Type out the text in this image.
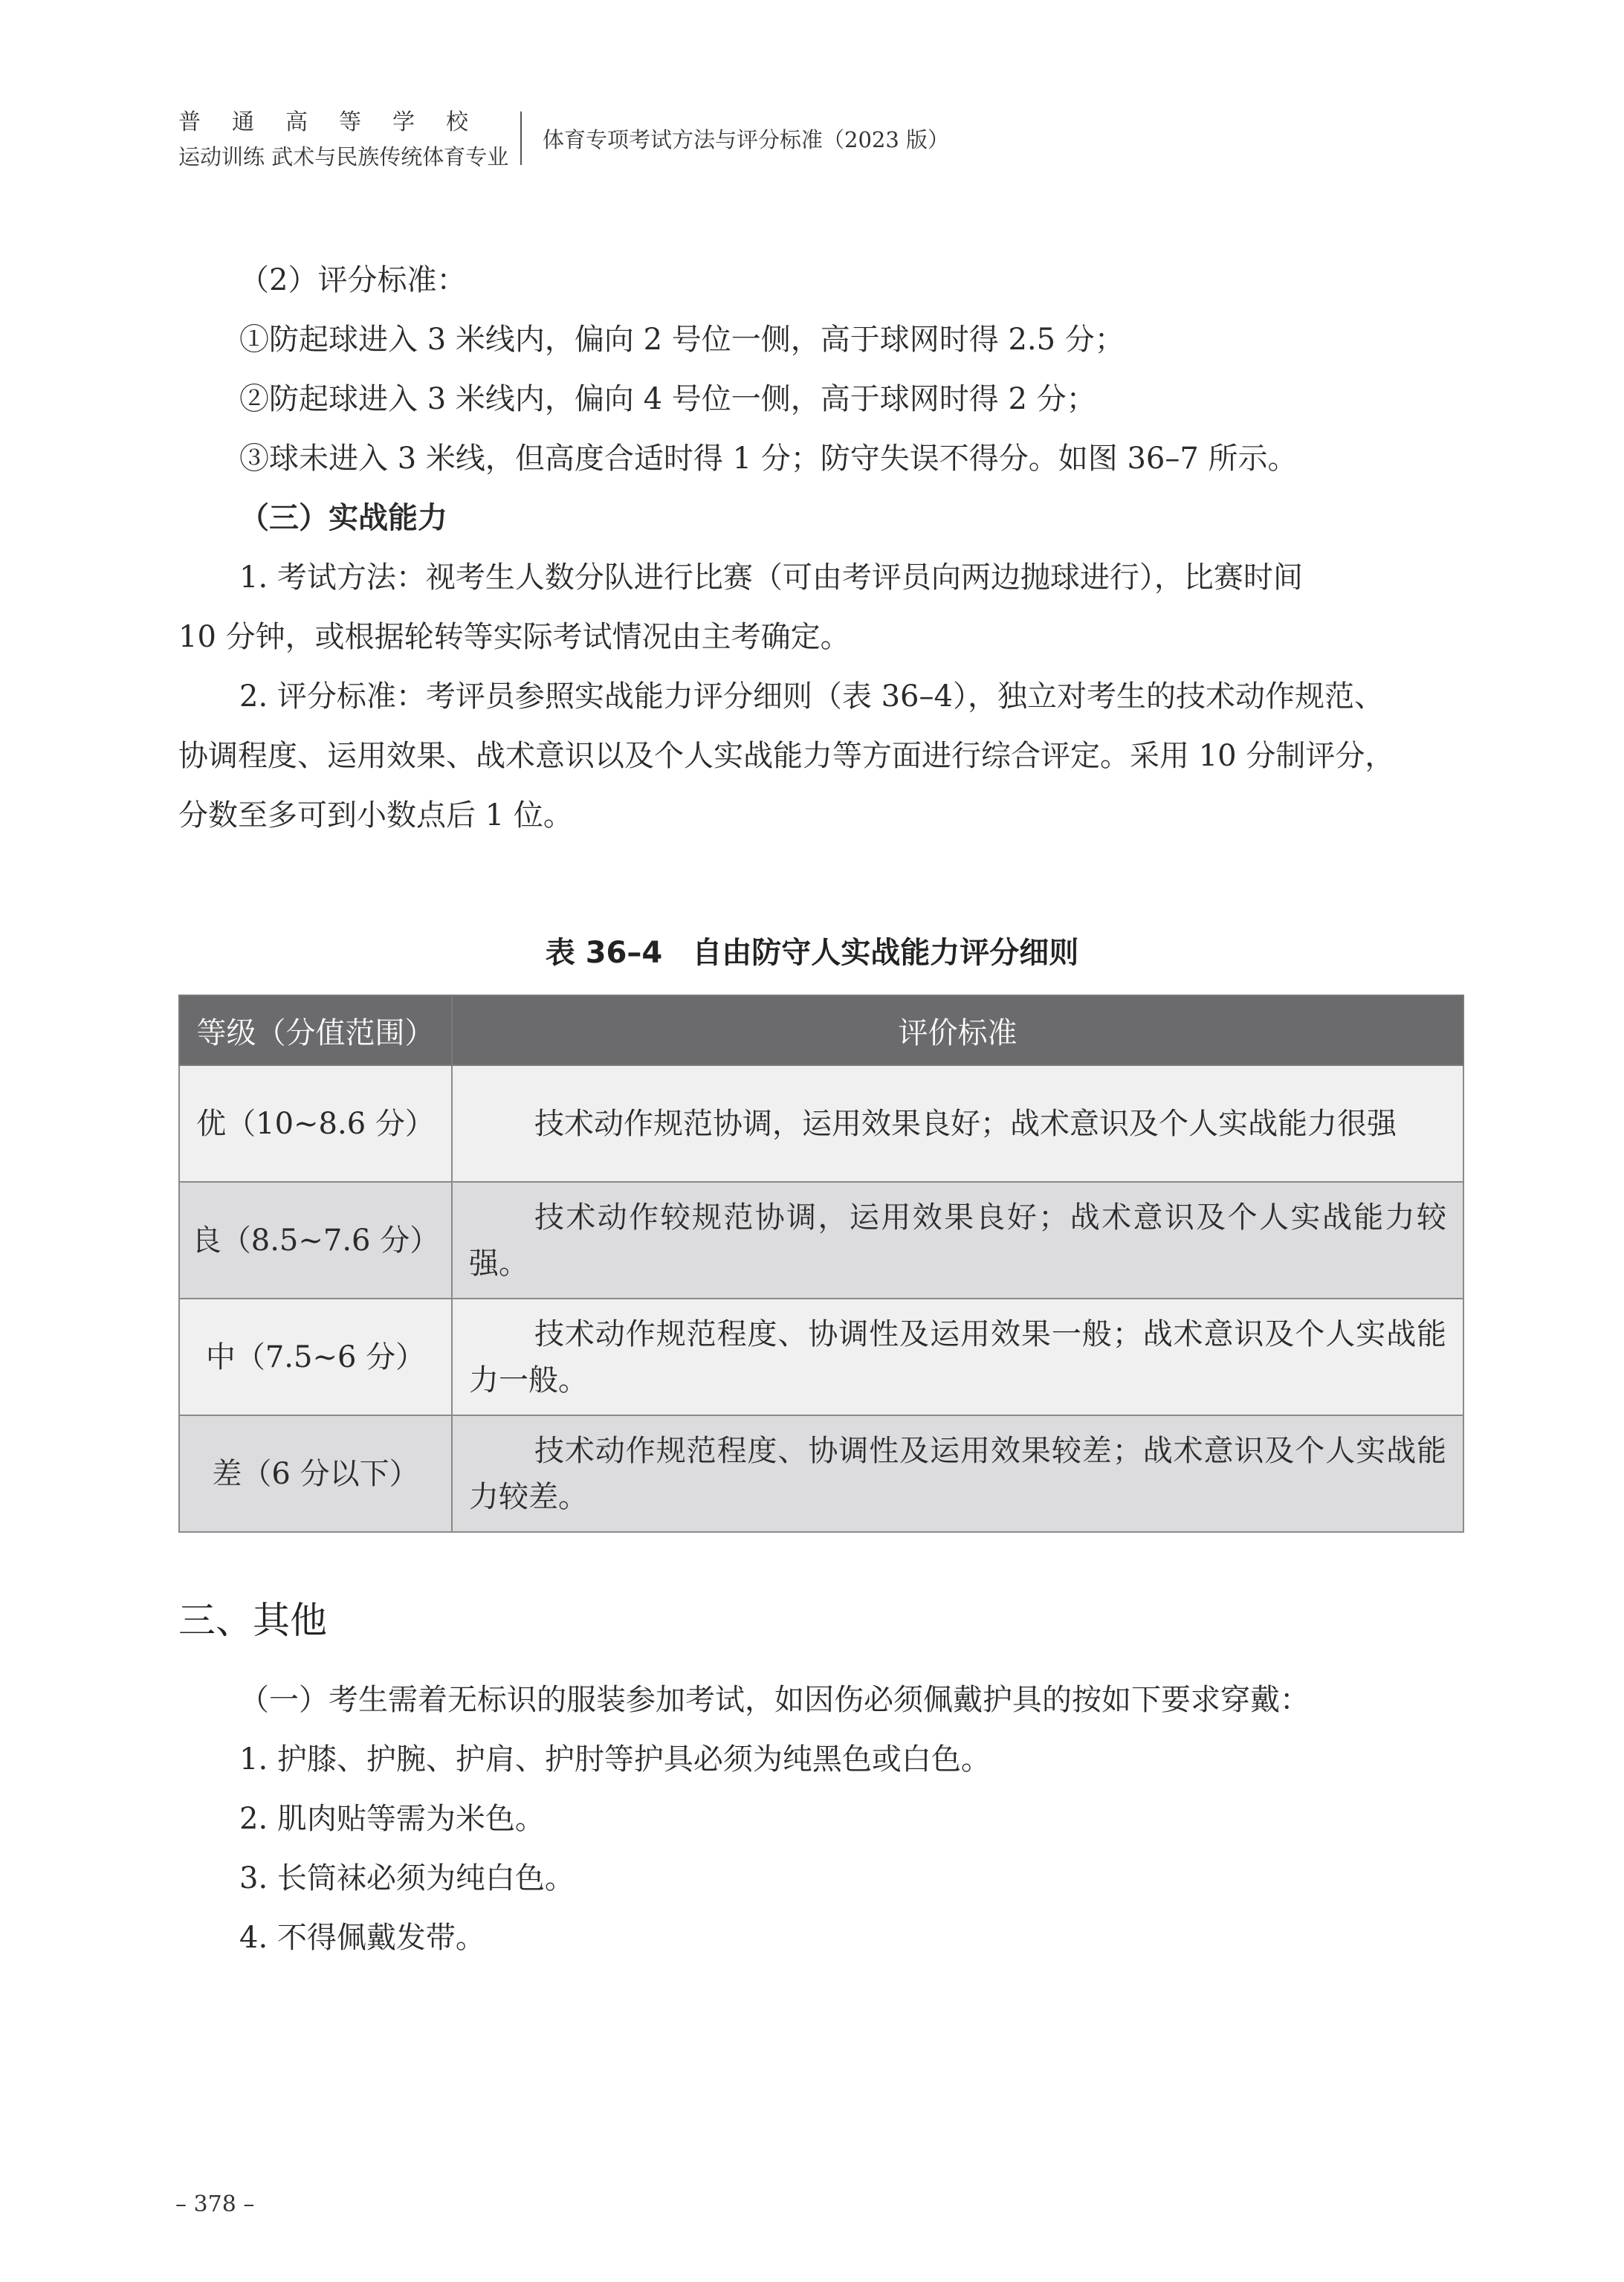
普通高等学校
运动训练 武术与民族传统体育专业
体育专项考试方法与评分标准（2023 版）
（2）评分标准：
①防起球进入 3 米线内，偏向 2 号位一侧，高于球网时得 2.5 分；
②防起球进入 3 米线内，偏向 4 号位一侧，高于球网时得 2 分；
③球未进入 3 米线，但高度合适时得 1 分；防守失误不得分。如图 36–7 所示。
（三）实战能力
1. 考试方法：视考生人数分队进行比赛（可由考评员向两边抛球进行），比赛时间
10 分钟，或根据轮转等实际考试情况由主考确定。
2. 评分标准：考评员参照实战能力评分细则（表 36–4），独立对考生的技术动作规范、
协调程度、运用效果、战术意识以及个人实战能力等方面进行综合评定。采用 10 分制评分，
分数至多可到小数点后 1 位。
表 36–4　自由防守人实战能力评分细则
等级（分值范围）	评价标准
优（10~8.6 分）	技术动作规范协调，运用效果良好；战术意识及个人实战能力很强
良（8.5~7.6 分）	技术动作较规范协调，运用效果良好；战术意识及个人实战能力较强。
中（7.5~6 分）	技术动作规范程度、协调性及运用效果一般；战术意识及个人实战能力一般。
差（6 分以下）	技术动作规范程度、协调性及运用效果较差；战术意识及个人实战能力较差。
三、其他
（一）考生需着无标识的服装参加考试，如因伤必须佩戴护具的按如下要求穿戴：
1. 护膝、护腕、护肩、护肘等护具必须为纯黑色或白色。
2. 肌肉贴等需为米色。
3. 长筒袜必须为纯白色。
4. 不得佩戴发带。
– 378 –
